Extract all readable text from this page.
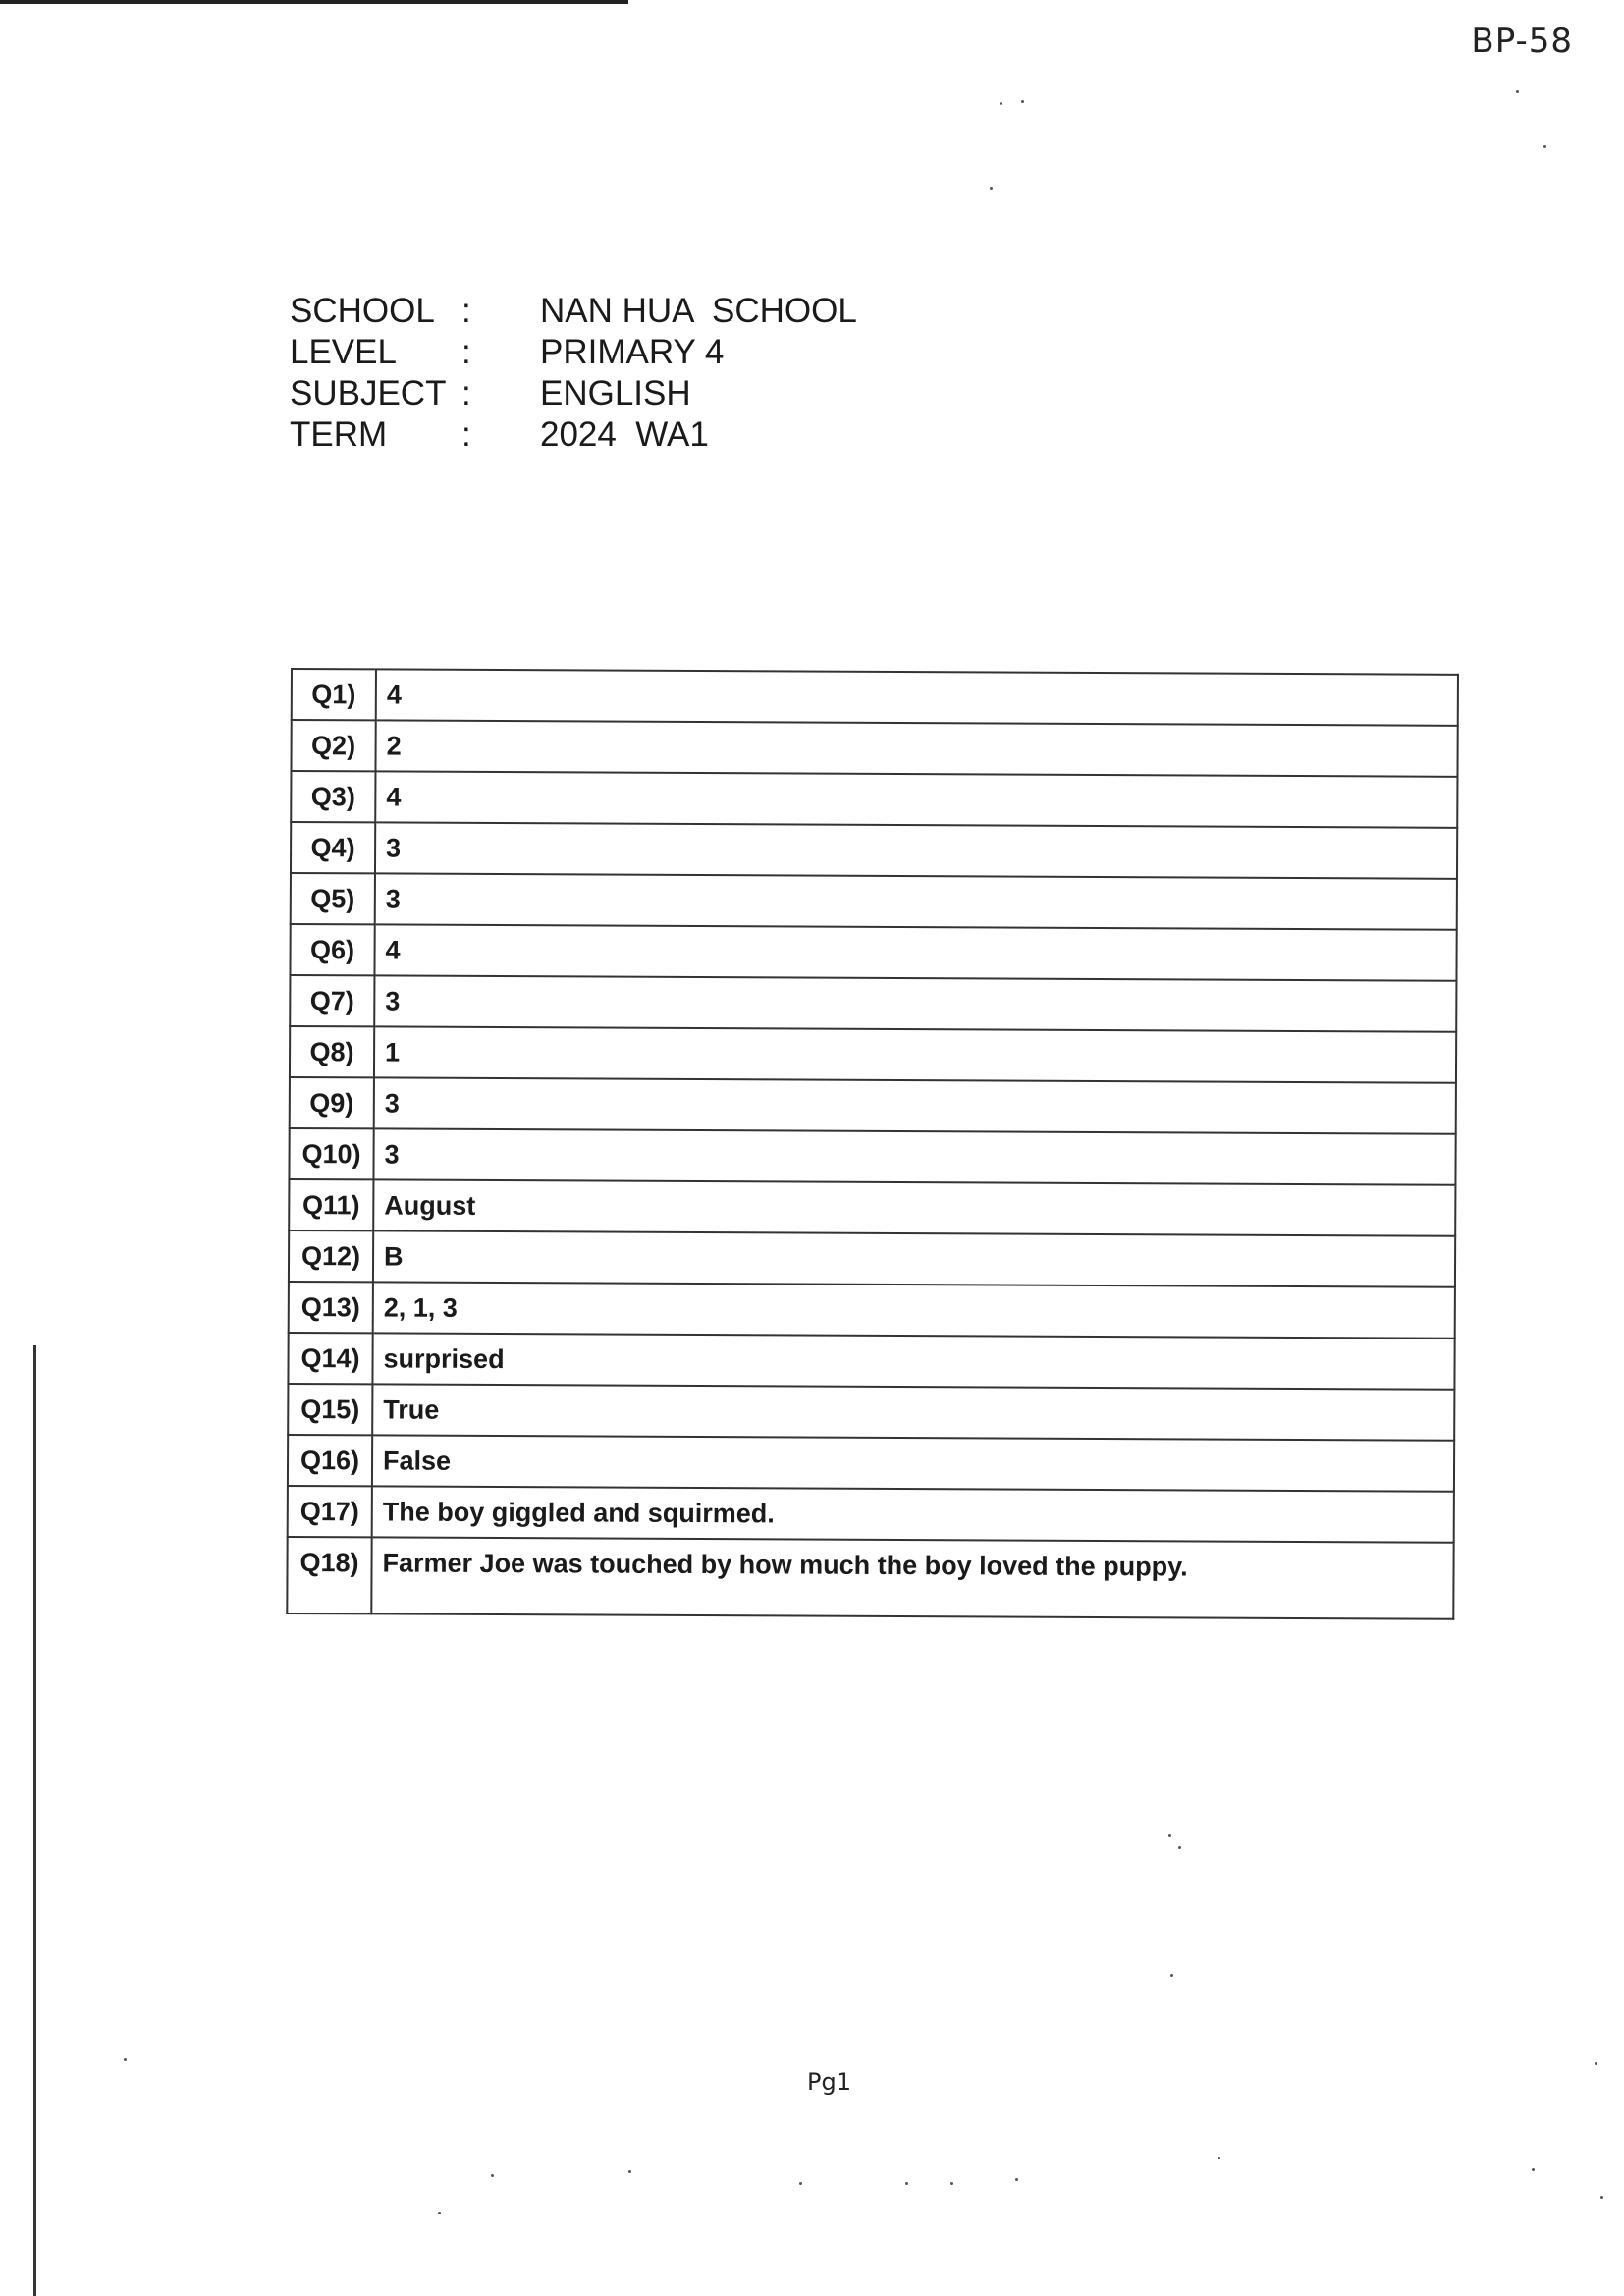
BP-58
SCHOOL :	NAN HUA  SCHOOL
LEVEL	:	PRIMARY 4
SUBJECT :	ENGLISH
TERM	:	2024  WA1
Q1)	4
Q2)	2
Q3)	4
Q4)	3
Q5)	3
Q6)	4
Q7)	3
Q8)	1
Q9)	3
Q10)	3
Q11)	August
Q12)	B
Q13)	2, 1, 3
Q14)	surprised
Q15)	True
Q16)	False
Q17)	The boy giggled and squirmed.
Q18)	Farmer Joe was touched by how much the boy loved the puppy.
Pg1
